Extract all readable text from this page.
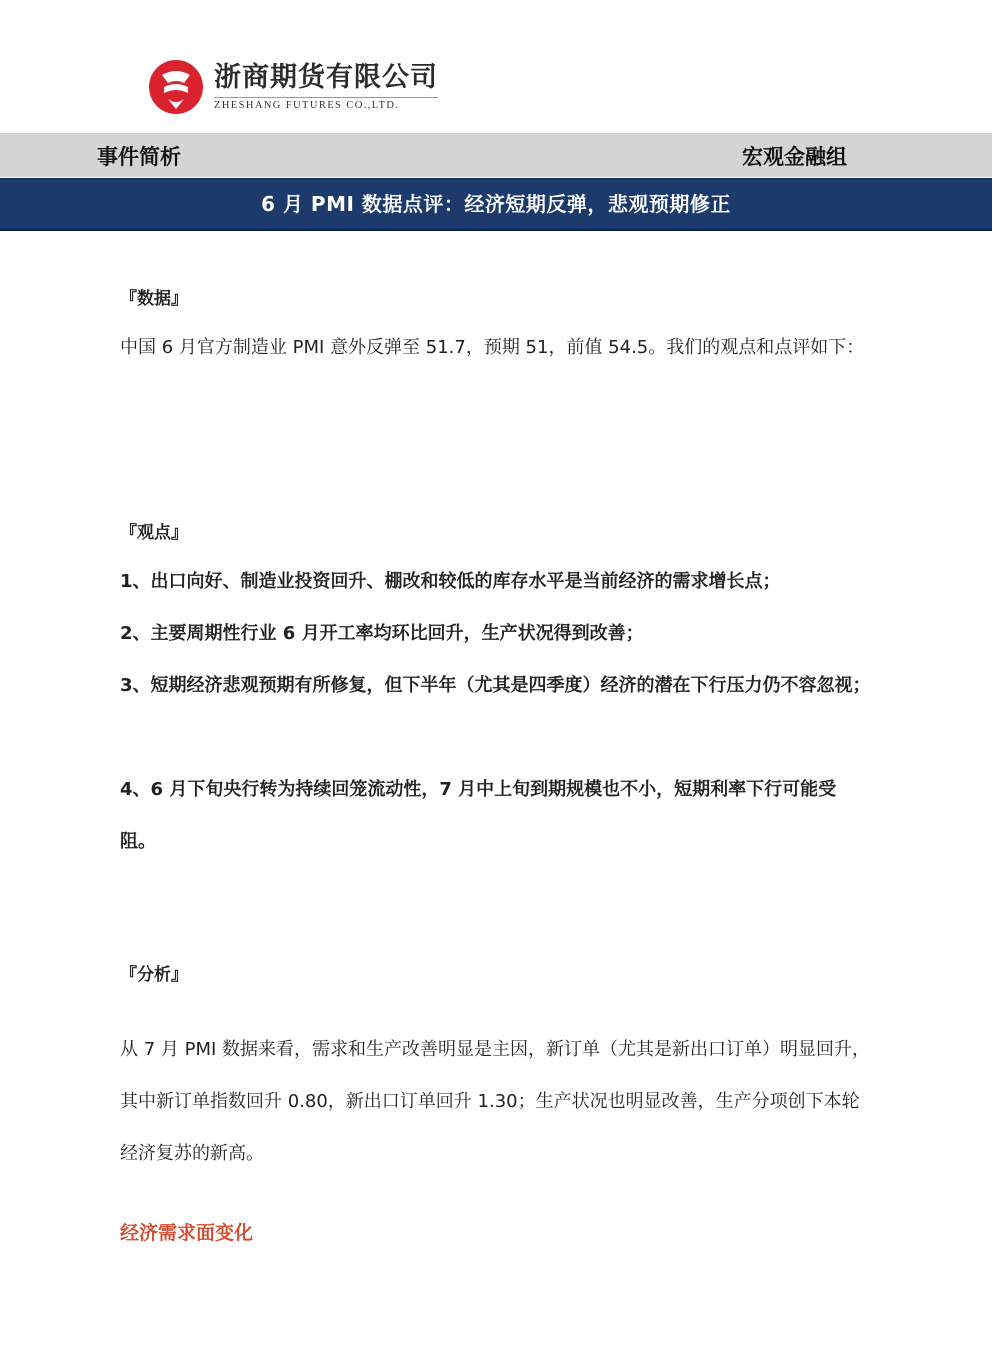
浙商期货有限公司
ZHESHANG FUTURES CO.,LTD.
事件简析	宏观金融组
6 月 PMI 数据点评：经济短期反弹，悲观预期修正
『数据』
中国 6 月官方制造业 PMI 意外反弹至 51.7，预期 51，前值 54.5。我们的观点和点评如下：
『观点』
1、出口向好、制造业投资回升、棚改和较低的库存水平是当前经济的需求增长点；
2、主要周期性行业 6 月开工率均环比回升，生产状况得到改善；
3、短期经济悲观预期有所修复，但下半年（尤其是四季度）经济的潜在下行压力仍不容忽视；
4、6 月下旬央行转为持续回笼流动性，7 月中上旬到期规模也不小，短期利率下行可能受阻。
『分析』
从 7 月 PMI 数据来看，需求和生产改善明显是主因，新订单（尤其是新出口订单）明显回升，其中新订单指数回升 0.80，新出口订单回升 1.30；生产状况也明显改善，生产分项创下本轮经济复苏的新高。
经济需求面变化
